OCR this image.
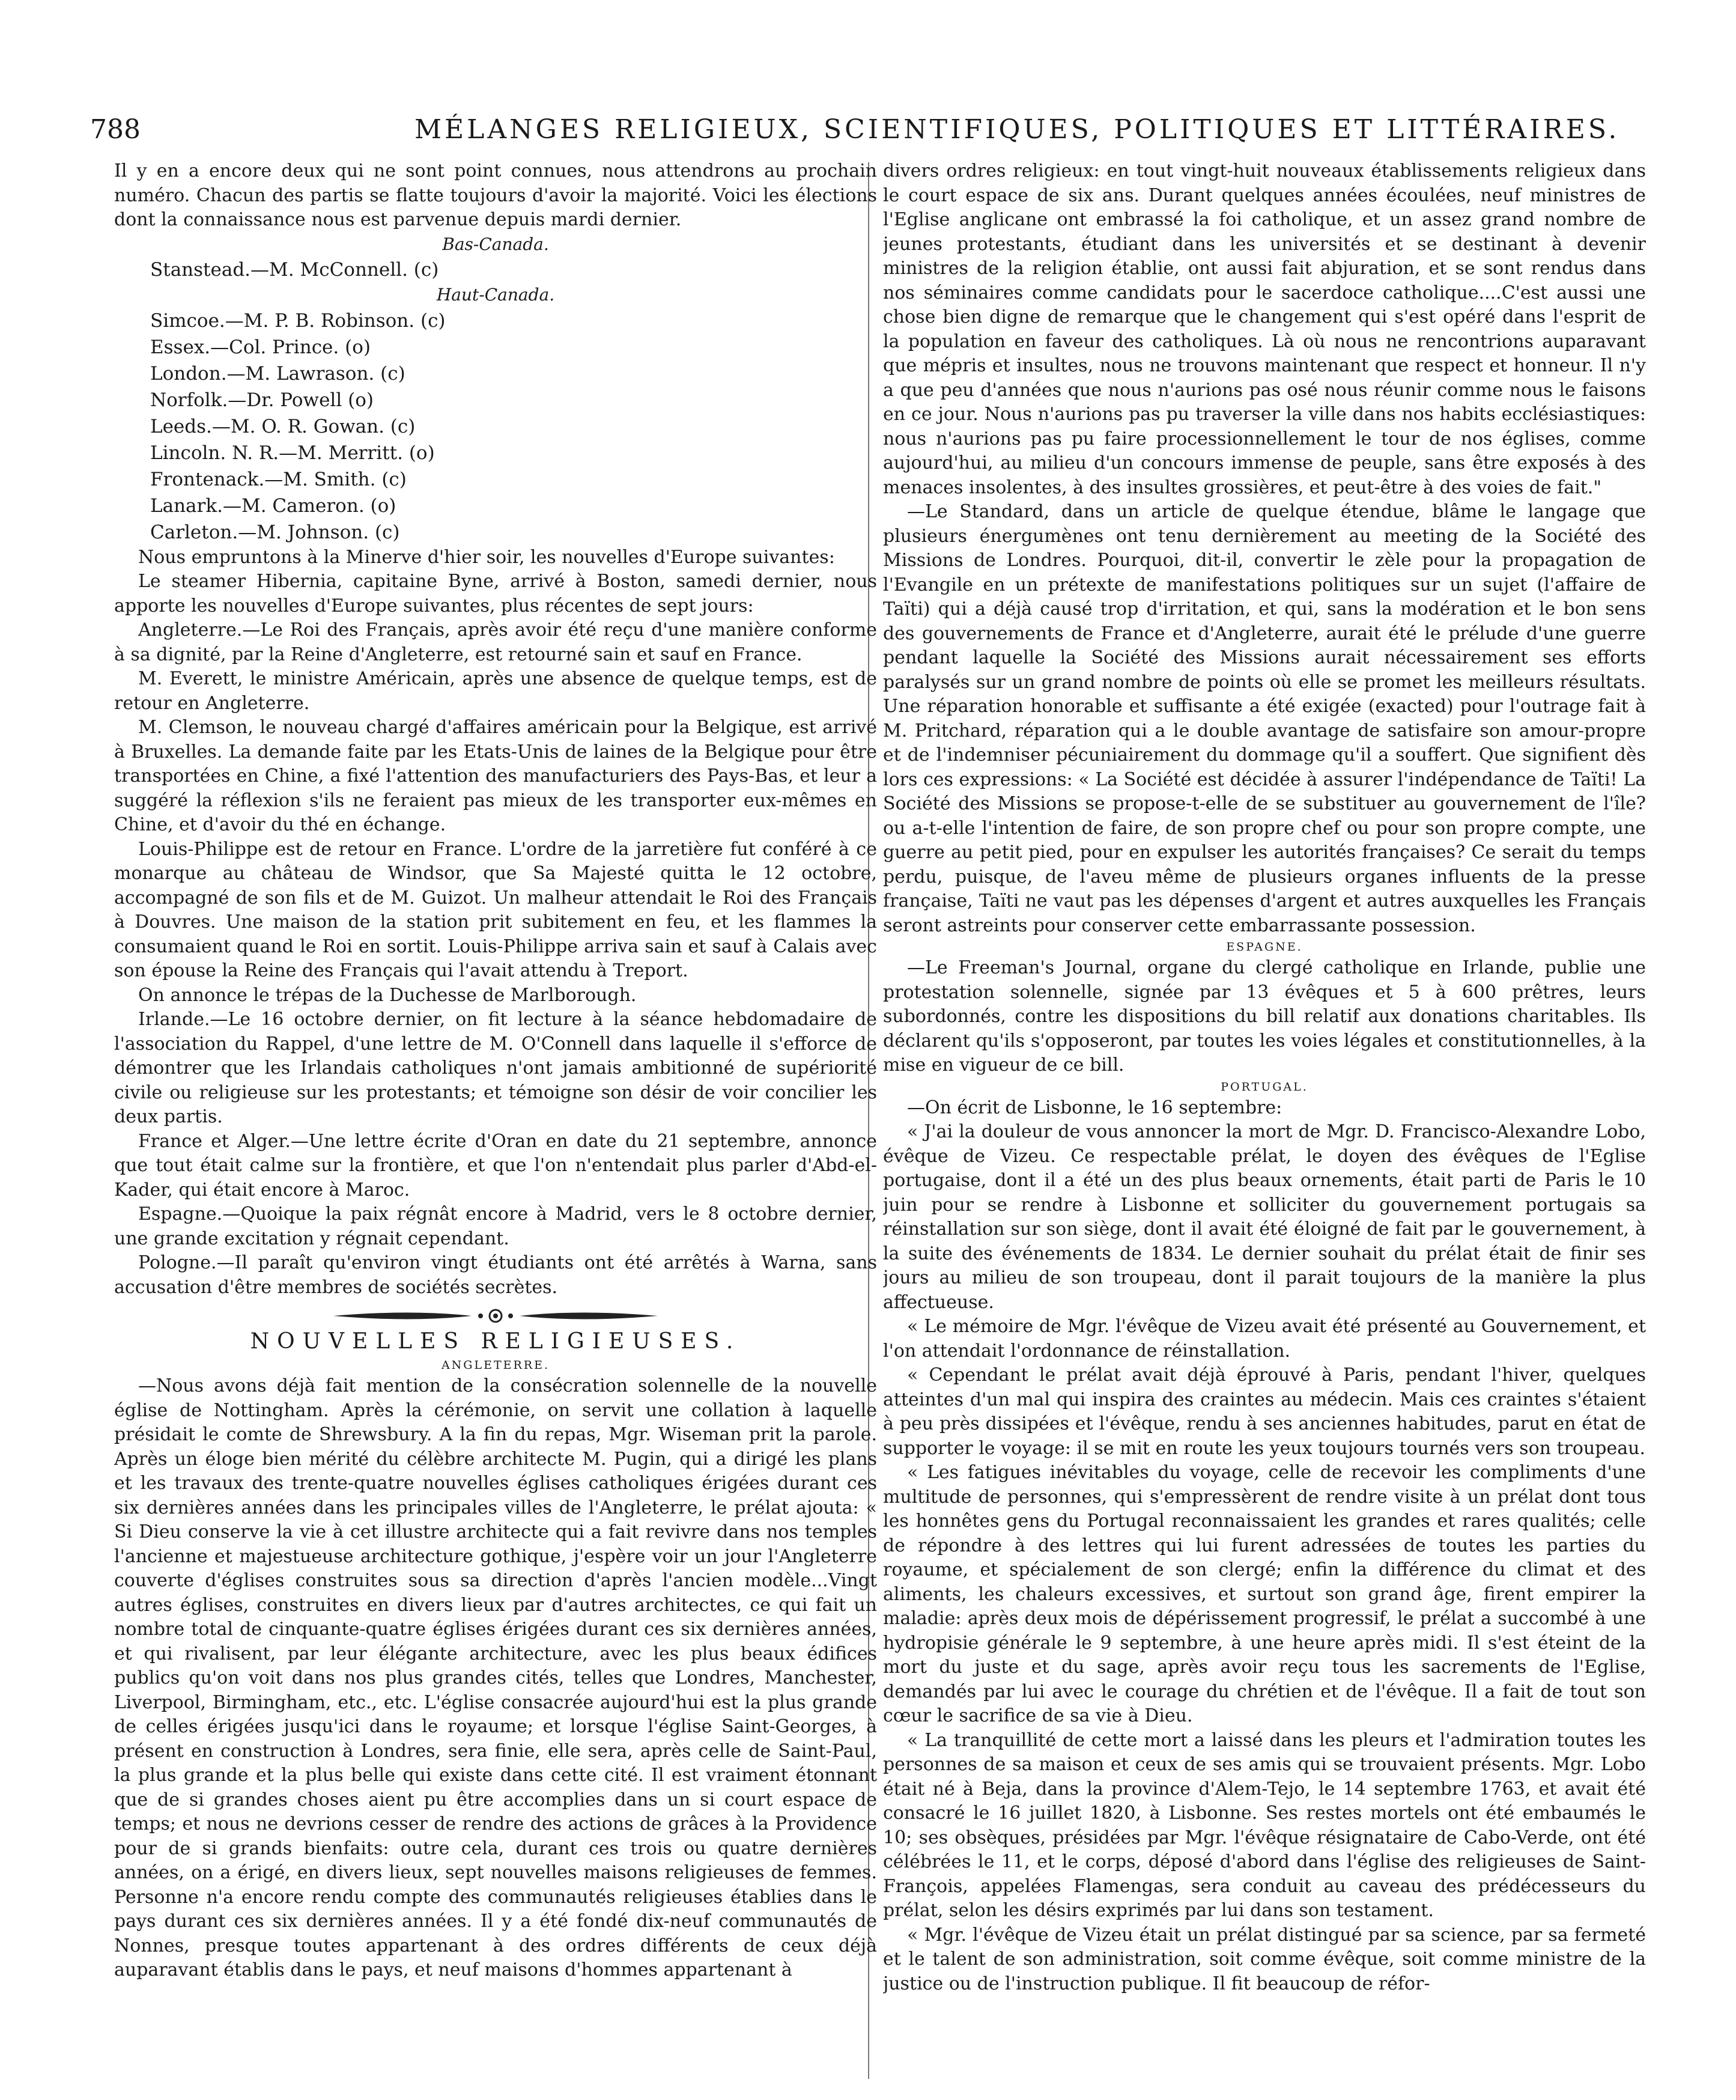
788	MÉLANGES RELIGIEUX, SCIENTIFIQUES, POLITIQUES ET LITTÉRAIRES.

Il y en a encore deux qui ne sont point connues, nous attendrons au prochain numéro. Chacun des partis se flatte toujours d'avoir la majorité. Voici les élections dont la connaissance nous est parvenue depuis mardi dernier.

Bas-Canada.

Stanstead.—M. McConnell. (c)

Haut-Canada.

Simcoe.—M. P. B. Robinson. (c)

Essex.—Col. Prince. (o)

London.—M. Lawrason. (c)

Norfolk.—Dr. Powell (o)

Leeds.—M. O. R. Gowan. (c)

Lincoln. N. R.—M. Merritt. (o)

Frontenack.—M. Smith. (c)

Lanark.—M. Cameron. (o)

Carleton.—M. Johnson. (c)

Nous empruntons à la Minerve d'hier soir, les nouvelles d'Europe suivantes:

Le steamer Hibernia, capitaine Byne, arrivé à Boston, samedi dernier, nous apporte les nouvelles d'Europe suivantes, plus récentes de sept jours:

Angleterre.—Le Roi des Français, après avoir été reçu d'une manière conforme à sa dignité, par la Reine d'Angleterre, est retourné sain et sauf en France.

M. Everett, le ministre Américain, après une absence de quelque temps, est de retour en Angleterre.

M. Clemson, le nouveau chargé d'affaires américain pour la Belgique, est arrivé à Bruxelles. La demande faite par les Etats-Unis de laines de la Belgique pour être transportées en Chine, a fixé l'attention des manufacturiers des Pays-Bas, et leur a suggéré la réflexion s'ils ne feraient pas mieux de les transporter eux-mêmes en Chine, et d'avoir du thé en échange.

Louis-Philippe est de retour en France. L'ordre de la jarretière fut conféré à ce monarque au château de Windsor, que Sa Majesté quitta le 12 octobre, accompagné de son fils et de M. Guizot. Un malheur attendait le Roi des Français à Douvres. Une maison de la station prit subitement en feu, et les flammes la consumaient quand le Roi en sortit. Louis-Philippe arriva sain et sauf à Calais avec son épouse la Reine des Français qui l'avait attendu à Treport.

On annonce le trépas de la Duchesse de Marlborough.

Irlande.—Le 16 octobre dernier, on fit lecture à la séance hebdomadaire de l'association du Rappel, d'une lettre de M. O'Connell dans laquelle il s'efforce de démontrer que les Irlandais catholiques n'ont jamais ambitionné de supériorité civile ou religieuse sur les protestants; et témoigne son désir de voir concilier les deux partis.

France et Alger.—Une lettre écrite d'Oran en date du 21 septembre, annonce que tout était calme sur la frontière, et que l'on n'entendait plus parler d'Abd-el-Kader, qui était encore à Maroc.

Espagne.—Quoique la paix régnât encore à Madrid, vers le 8 octobre dernier, une grande excitation y régnait cependant.

Pologne.—Il paraît qu'environ vingt étudiants ont été arrêtés à Warna, sans accusation d'être membres de sociétés secrètes.

NOUVELLES RELIGIEUSES.

ANGLETERRE.

—Nous avons déjà fait mention de la consécration solennelle de la nouvelle église de Nottingham. Après la cérémonie, on servit une collation à laquelle présidait le comte de Shrewsbury. A la fin du repas, Mgr. Wiseman prit la parole. Après un éloge bien mérité du célèbre architecte M. Pugin, qui a dirigé les plans et les travaux des trente-quatre nouvelles églises catholiques érigées durant ces six dernières années dans les principales villes de l'Angleterre, le prélat ajouta: « Si Dieu conserve la vie à cet illustre architecte qui a fait revivre dans nos temples l'ancienne et majestueuse architecture gothique, j'espère voir un jour l'Angleterre couverte d'églises construites sous sa direction d'après l'ancien modèle...Vingt autres églises, construites en divers lieux par d'autres architectes, ce qui fait un nombre total de cinquante-quatre églises érigées durant ces six dernières années, et qui rivalisent, par leur élégante architecture, avec les plus beaux édifices publics qu'on voit dans nos plus grandes cités, telles que Londres, Manchester, Liverpool, Birmingham, etc., etc. L'église consacrée aujourd'hui est la plus grande de celles érigées jusqu'ici dans le royaume; et lorsque l'église Saint-Georges, à présent en construction à Londres, sera finie, elle sera, après celle de Saint-Paul, la plus grande et la plus belle qui existe dans cette cité. Il est vraiment étonnant que de si grandes choses aient pu être accomplies dans un si court espace de temps; et nous ne devrions cesser de rendre des actions de grâces à la Providence pour de si grands bienfaits: outre cela, durant ces trois ou quatre dernières années, on a érigé, en divers lieux, sept nouvelles maisons religieuses de femmes. Personne n'a encore rendu compte des communautés religieuses établies dans le pays durant ces six dernières années. Il y a été fondé dix-neuf communautés de Nonnes, presque toutes appartenant à des ordres différents de ceux déjà auparavant établis dans le pays, et neuf maisons d'hommes appartenant à

divers ordres religieux: en tout vingt-huit nouveaux établissements religieux dans le court espace de six ans. Durant quelques années écoulées, neuf ministres de l'Eglise anglicane ont embrassé la foi catholique, et un assez grand nombre de jeunes protestants, étudiant dans les universités et se destinant à devenir ministres de la religion établie, ont aussi fait abjuration, et se sont rendus dans nos séminaires comme candidats pour le sacerdoce catholique....C'est aussi une chose bien digne de remarque que le changement qui s'est opéré dans l'esprit de la population en faveur des catholiques. Là où nous ne rencontrions auparavant que mépris et insultes, nous ne trouvons maintenant que respect et honneur. Il n'y a que peu d'années que nous n'aurions pas osé nous réunir comme nous le faisons en ce jour. Nous n'aurions pas pu traverser la ville dans nos habits ecclésiastiques: nous n'aurions pas pu faire processionnellement le tour de nos églises, comme aujourd'hui, au milieu d'un concours immense de peuple, sans être exposés à des menaces insolentes, à des insultes grossières, et peut-être à des voies de fait."

—Le Standard, dans un article de quelque étendue, blâme le langage que plusieurs énergumènes ont tenu dernièrement au meeting de la Société des Missions de Londres. Pourquoi, dit-il, convertir le zèle pour la propagation de l'Evangile en un prétexte de manifestations politiques sur un sujet (l'affaire de Taïti) qui a déjà causé trop d'irritation, et qui, sans la modération et le bon sens des gouvernements de France et d'Angleterre, aurait été le prélude d'une guerre pendant laquelle la Société des Missions aurait nécessairement ses efforts paralysés sur un grand nombre de points où elle se promet les meilleurs résultats. Une réparation honorable et suffisante a été exigée (exacted) pour l'outrage fait à M. Pritchard, réparation qui a le double avantage de satisfaire son amour-propre et de l'indemniser pécuniairement du dommage qu'il a souffert. Que signifient dès lors ces expressions: « La Société est décidée à assurer l'indépendance de Taïti! La Société des Missions se propose-t-elle de se substituer au gouvernement de l'île? ou a-t-elle l'intention de faire, de son propre chef ou pour son propre compte, une guerre au petit pied, pour en expulser les autorités françaises? Ce serait du temps perdu, puisque, de l'aveu même de plusieurs organes influents de la presse française, Taïti ne vaut pas les dépenses d'argent et autres auxquelles les Français seront astreints pour conserver cette embarrassante possession.

ESPAGNE.

—Le Freeman's Journal, organe du clergé catholique en Irlande, publie une protestation solennelle, signée par 13 évêques et 5 à 600 prêtres, leurs subordonnés, contre les dispositions du bill relatif aux donations charitables. Ils déclarent qu'ils s'opposeront, par toutes les voies légales et constitutionnelles, à la mise en vigueur de ce bill.

PORTUGAL.

—On écrit de Lisbonne, le 16 septembre:

« J'ai la douleur de vous annoncer la mort de Mgr. D. Francisco-Alexandre Lobo, évêque de Vizeu. Ce respectable prélat, le doyen des évêques de l'Eglise portugaise, dont il a été un des plus beaux ornements, était parti de Paris le 10 juin pour se rendre à Lisbonne et solliciter du gouvernement portugais sa réinstallation sur son siège, dont il avait été éloigné de fait par le gouvernement, à la suite des événements de 1834. Le dernier souhait du prélat était de finir ses jours au milieu de son troupeau, dont il parait toujours de la manière la plus affectueuse.

« Le mémoire de Mgr. l'évêque de Vizeu avait été présenté au Gouvernement, et l'on attendait l'ordonnance de réinstallation.

« Cependant le prélat avait déjà éprouvé à Paris, pendant l'hiver, quelques atteintes d'un mal qui inspira des craintes au médecin. Mais ces craintes s'étaient à peu près dissipées et l'évêque, rendu à ses anciennes habitudes, parut en état de supporter le voyage: il se mit en route les yeux toujours tournés vers son troupeau.

« Les fatigues inévitables du voyage, celle de recevoir les compliments d'une multitude de personnes, qui s'empressèrent de rendre visite à un prélat dont tous les honnêtes gens du Portugal reconnaissaient les grandes et rares qualités; celle de répondre à des lettres qui lui furent adressées de toutes les parties du royaume, et spécialement de son clergé; enfin la différence du climat et des aliments, les chaleurs excessives, et surtout son grand âge, firent empirer la maladie: après deux mois de dépérissement progressif, le prélat a succombé à une hydropisie générale le 9 septembre, à une heure après midi. Il s'est éteint de la mort du juste et du sage, après avoir reçu tous les sacrements de l'Eglise, demandés par lui avec le courage du chrétien et de l'évêque. Il a fait de tout son cœur le sacrifice de sa vie à Dieu.

« La tranquillité de cette mort a laissé dans les pleurs et l'admiration toutes les personnes de sa maison et ceux de ses amis qui se trouvaient présents. Mgr. Lobo était né à Beja, dans la province d'Alem-Tejo, le 14 septembre 1763, et avait été consacré le 16 juillet 1820, à Lisbonne. Ses restes mortels ont été embaumés le 10; ses obsèques, présidées par Mgr. l'évêque résignataire de Cabo-Verde, ont été célébrées le 11, et le corps, déposé d'abord dans l'église des religieuses de Saint-François, appelées Flamengas, sera conduit au caveau des prédécesseurs du prélat, selon les désirs exprimés par lui dans son testament.

« Mgr. l'évêque de Vizeu était un prélat distingué par sa science, par sa fermeté et le talent de son administration, soit comme évêque, soit comme ministre de la justice ou de l'instruction publique. Il fit beaucoup de réfor-
